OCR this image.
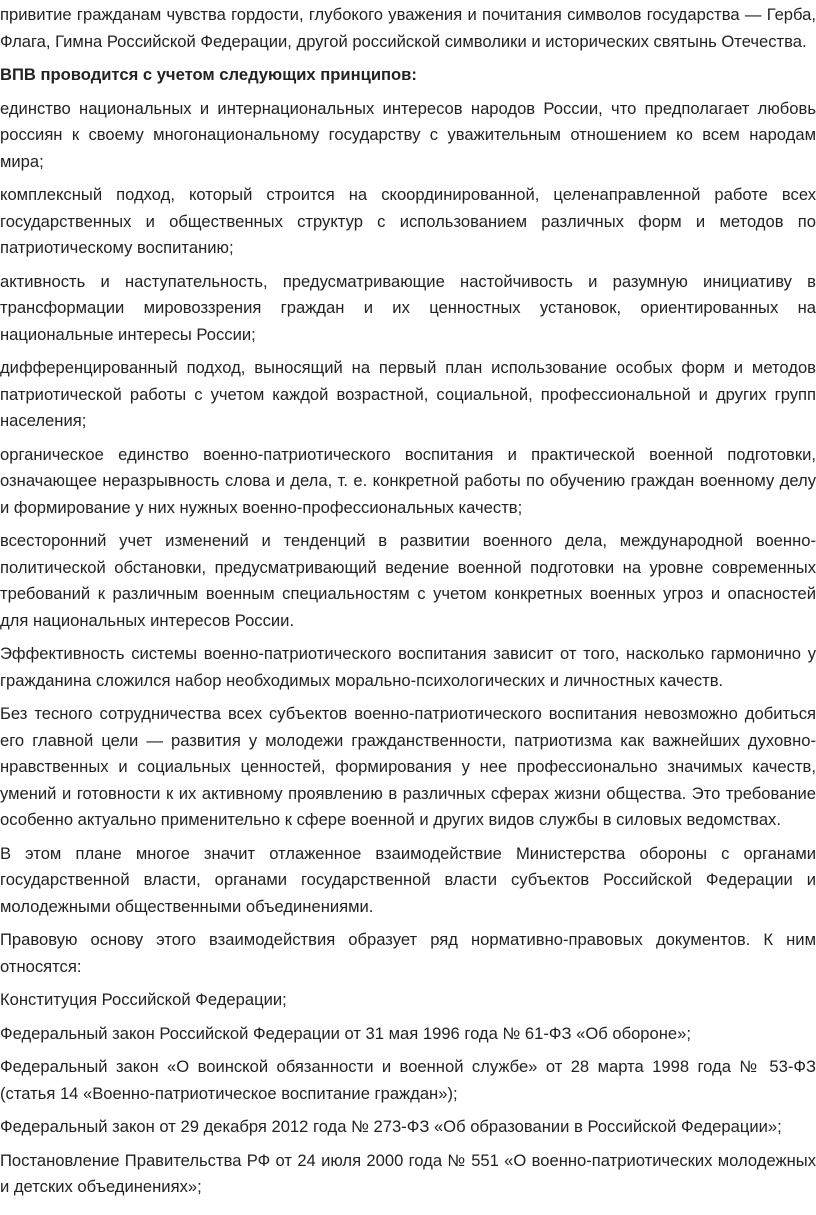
привитие гражданам чувства гордости, глубокого уважения и почитания символов государства — Герба, Флага, Гимна Российской Федерации, другой российской символики и исторических святынь Отечества.

ВПВ проводится с учетом следующих принципов:

единство национальных и интернациональных интересов народов России, что предполагает любовь россиян к своему многонациональному государству с уважительным отношением ко всем народам мира;

комплексный подход, который строится на скоординированной, целенаправленной работе всех государственных и общественных структур с использованием различных форм и методов по патриотическому воспитанию;

активность и наступательность, предусматривающие настойчивость и разумную инициативу в трансформации мировоззрения граждан и их ценностных установок, ориентированных на национальные интересы России;

дифференцированный подход, выносящий на первый план использование особых форм и методов патриотической работы с учетом каждой возрастной, социальной, профессиональной и других групп населения;

органическое единство военно-патриотического воспитания и практической военной подготовки, означающее неразрывность слова и дела, т. е. конкретной работы по обучению граждан военному делу и формирование у них нужных военно-профессиональных качеств;

всесторонний учет изменений и тенденций в развитии военного дела, международной военно-политической обстановки, предусматривающий ведение военной подготовки на уровне современных требований к различным военным специальностям с учетом конкретных военных угроз и опасностей для национальных интересов России.

Эффективность системы военно-патриотического воспитания зависит от того, насколько гармонично у гражданина сложился набор необходимых морально-психологических и личностных качеств.

Без тесного сотрудничества всех субъектов военно-патриотического воспитания невозможно добиться его главной цели — развития у молодежи гражданственности, патриотизма как важнейших духовно-нравственных и социальных ценностей, формирования у нее профессионально значимых качеств, умений и готовности к их активному проявлению в различных сферах жизни общества. Это требование особенно актуально применительно к сфере военной и других видов службы в силовых ведомствах.

В этом плане многое значит отлаженное взаимодействие Министерства обороны с органами государственной власти, органами государственной власти субъектов Российской Федерации и молодежными общественными объединениями.

Правовую основу этого взаимодействия образует ряд нормативно-правовых документов. К ним относятся:

Конституция Российской Федерации;

Федеральный закон Российской Федерации от 31 мая 1996 года № 61-ФЗ «Об обороне»;

Федеральный закон «О воинской обязанности и военной службе» от 28 марта 1998 года № 53-ФЗ (статья 14 «Военно-патриотическое воспитание граждан»);

Федеральный закон от 29 декабря 2012 года № 273-ФЗ «Об образовании в Российской Федерации»;

Постановление Правительства РФ от 24 июля 2000 года № 551 «О военно-патриотических молодежных и детских объединениях»;
